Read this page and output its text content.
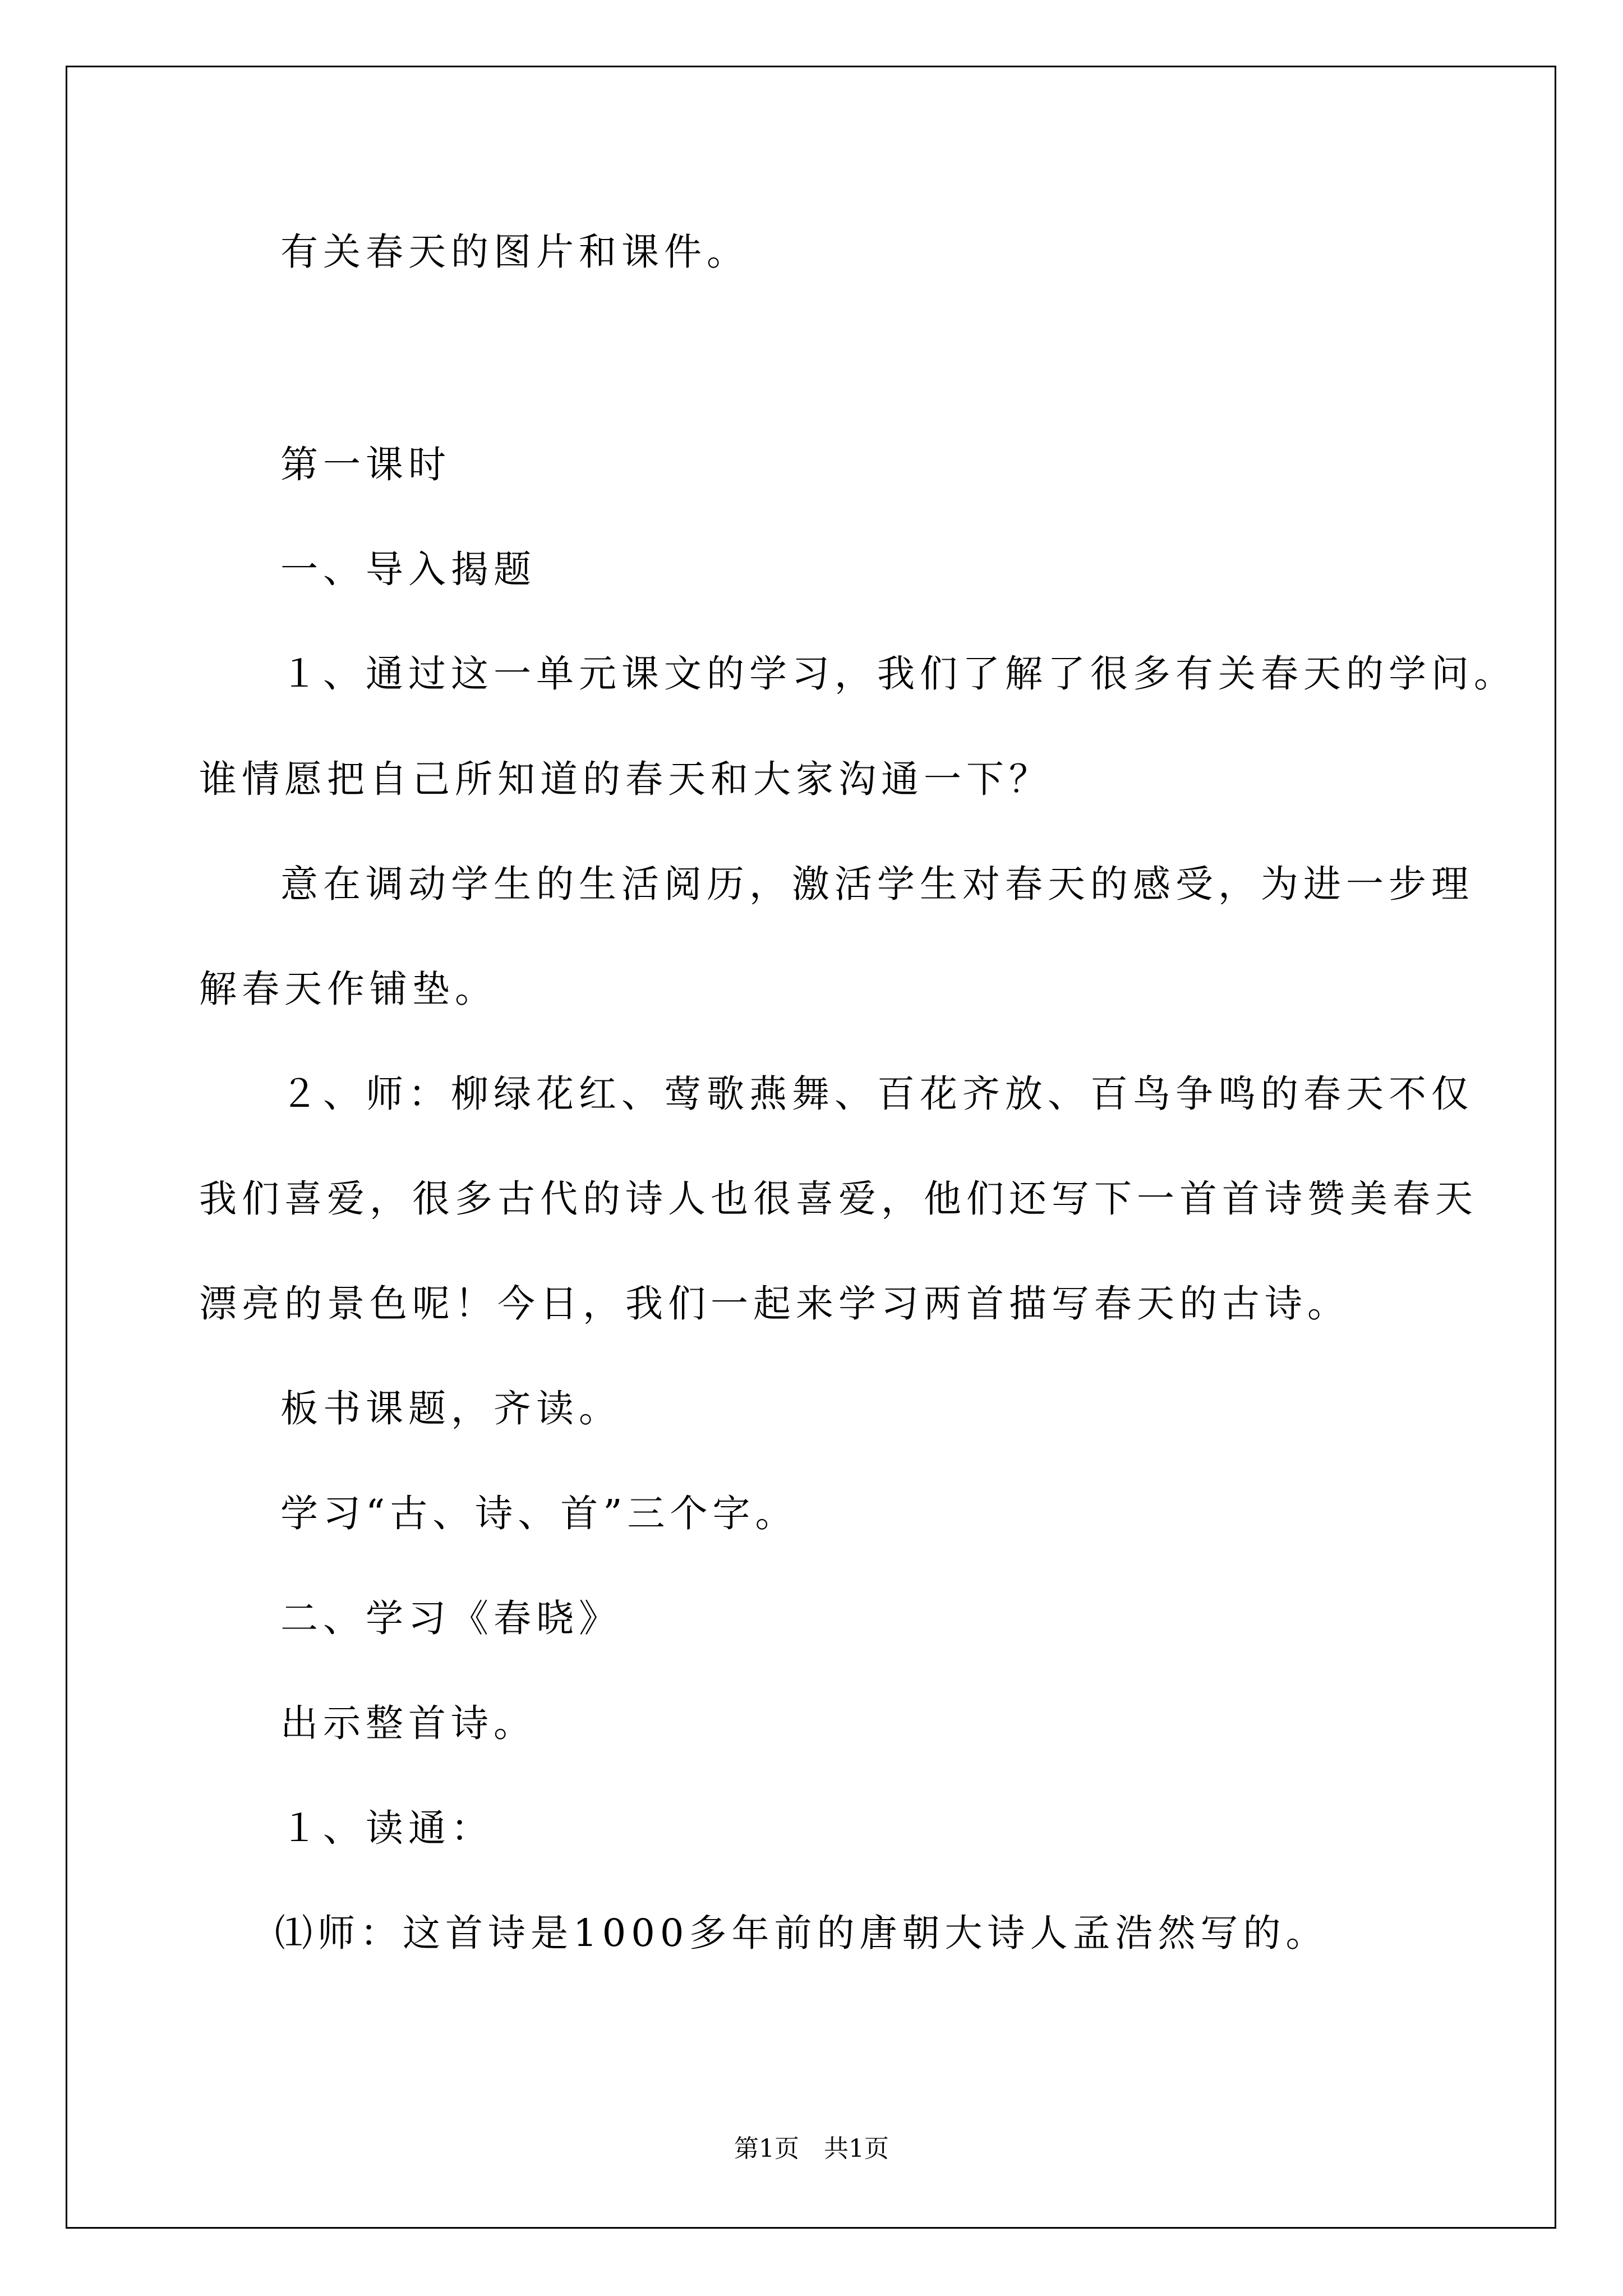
有关春天的图片和课件。

第一课时

一、导入揭题

１、通过这一单元课文的学习，我们了解了很多有关春天的学问。

谁情愿把自己所知道的春天和大家沟通一下？

意在调动学生的生活阅历，激活学生对春天的感受，为进一步理

解春天作铺垫。

２、师：柳绿花红、莺歌燕舞、百花齐放、百鸟争鸣的春天不仅

我们喜爱，很多古代的诗人也很喜爱，他们还写下一首首诗赞美春天

漂亮的景色呢！今日，我们一起来学习两首描写春天的古诗。

板书课题，齐读。

学习“古、诗、首”三个字。

二、学习《春晓》

出示整首诗。

１、读通：

⑴师：这首诗是1000多年前的唐朝大诗人孟浩然写的。

第1页　共1页
